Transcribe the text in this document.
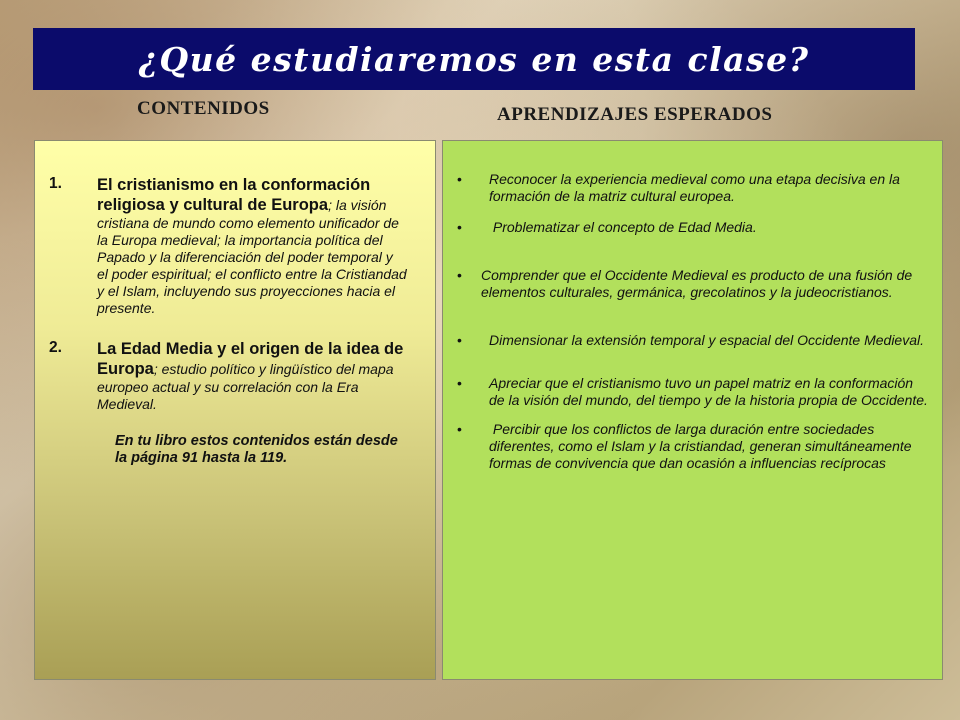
¿Qué estudiaremos en esta clase?
CONTENIDOS	APRENDIZAJES ESPERADOS
1.	El cristianismo en la conformación religiosa y cultural de Europa; la visión cristiana de mundo como elemento unificador de la Europa medieval; la importancia política del Papado y la diferenciación del poder temporal y el poder espiritual; el conflicto entre la Cristiandad y el Islam, incluyendo sus proyecciones hacia el presente.
2.	La Edad Media y el origen de la idea de Europa; estudio político y lingüístico del mapa europeo actual y su correlación con la Era Medieval.
En tu libro estos contenidos están desde la página 91 hasta la 119.
•	Reconocer la experiencia medieval como una etapa decisiva en la formación de la matriz cultural europea.
•	Problematizar el concepto de Edad Media.
•	Comprender que el Occidente Medieval es producto de una fusión de elementos culturales, germánica, grecolatinos y la judeocristianos.
•	Dimensionar la extensión temporal y espacial del Occidente Medieval.
•	Apreciar que el cristianismo tuvo un papel matriz en la conformación de la visión del mundo, del tiempo y de la historia propia de Occidente.
•	Percibir que los conflictos de larga duración entre sociedades diferentes, como el Islam y la cristiandad, generan simultáneamente formas de convivencia que dan ocasión a influencias recíprocas
